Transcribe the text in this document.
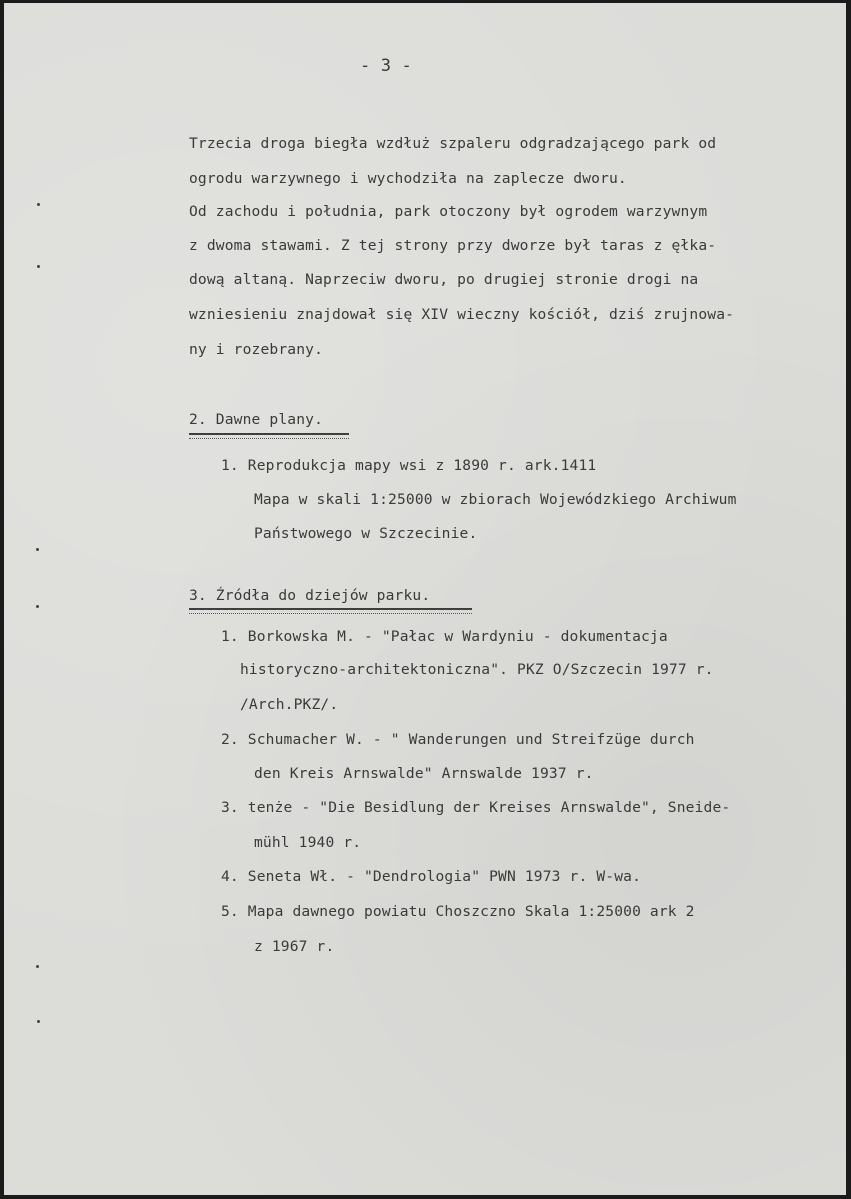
- 3 -
Trzecia droga biegła wzdłuż szpaleru odgradzającego park od
ogrodu warzywnego i wychodziła na zaplecze dworu.
Od zachodu i południa, park otoczony był ogrodem warzywnym
z dwoma stawami. Z tej strony przy dworze był taras z ęłka-
dową altaną. Naprzeciw dworu, po drugiej stronie drogi na
wzniesieniu znajdował się XIV wieczny kościół, dziś zrujnowa-
ny i rozebrany.
2. Dawne plany.
1. Reprodukcja mapy wsi z 1890 r. ark.1411
Mapa w skali 1:25000 w zbiorach Wojewódzkiego Archiwum
Państwowego w Szczecinie.
3. Źródła do dziejów parku.
1. Borkowska M. - "Pałac w Wardyniu - dokumentacja
historyczno-architektoniczna". PKZ O/Szczecin 1977 r.
/Arch.PKZ/.
2. Schumacher W. - " Wanderungen und Streifzüge durch
den Kreis Arnswalde" Arnswalde 1937 r.
3. tenże - "Die Besidlung der Kreises Arnswalde", Sneide-
mühl 1940 r.
4. Seneta Wł. - "Dendrologia" PWN 1973 r. W-wa.
5. Mapa dawnego powiatu Choszczno Skala 1:25000 ark 2
z 1967 r.
